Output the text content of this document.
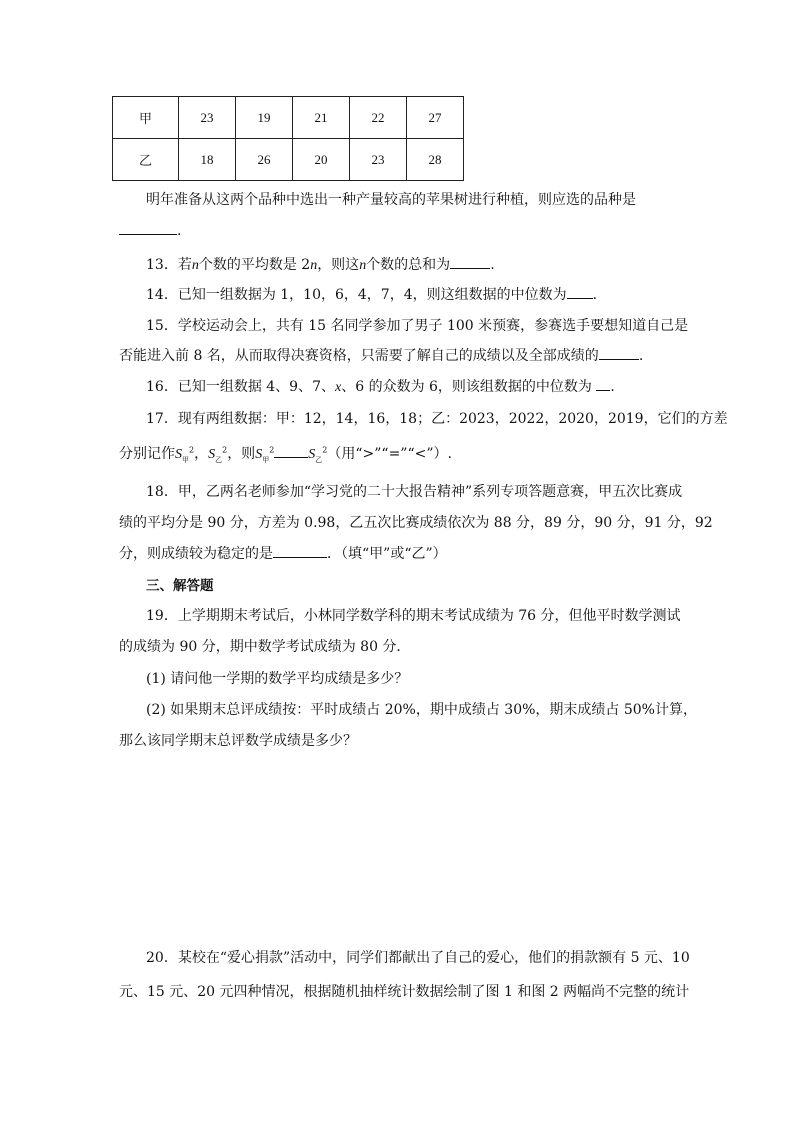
甲	23	19	21	22	27
乙	18	26	20	23	28
明年准备从这两个品种中选出一种产量较高的苹果树进行种植，则应选的品种是
.
13．若n个数的平均数是 2n，则这n个数的总和为	.
14．已知一组数据为 1，10，6，4，7，4，则这组数据的中位数为 .
15．学校运动会上，共有 15 名同学参加了男子 100 米预赛，参赛选手要想知道自己是
否能进入前 8 名，从而取得决赛资格，只需要了解自己的成绩以及全部成绩的	.
16．已知一组数据 4、9、7、x、6 的众数为 6，则该组数据的中位数为 .
17．现有两组数据：甲：12，14，16，18；乙：2023，2022，2020，2019，它们的方差
分别记作$S_甲^2$，$S_乙^2$，则$S_甲^2$ $S_乙^2$（用“>”“=”“<”）.
18．甲，乙两名老师参加“学习党的二十大报告精神”系列专项答题意赛，甲五次比赛成
绩的平均分是 90 分，方差为 0.98，乙五次比赛成绩依次为 88 分，89 分，90 分，91 分，92
分，则成绩较为稳定的是	．（填“甲”或“乙”）
三、解答题
19．上学期期末考试后，小林同学数学科的期末考试成绩为 76 分，但他平时数学测试
的成绩为 90 分，期中数学考试成绩为 80 分．
(1) 请问他一学期的数学平均成绩是多少？
(2) 如果期末总评成绩按：平时成绩占 20%，期中成绩占 30%，期末成绩占 50%计算，
那么该同学期末总评数学成绩是多少？
20．某校在“爱心捐款”活动中，同学们都献出了自己的爱心，他们的捐款额有 5 元、10
元、15 元、20 元四种情况，根据随机抽样统计数据绘制了图 1 和图 2 两幅尚不完整的统计
